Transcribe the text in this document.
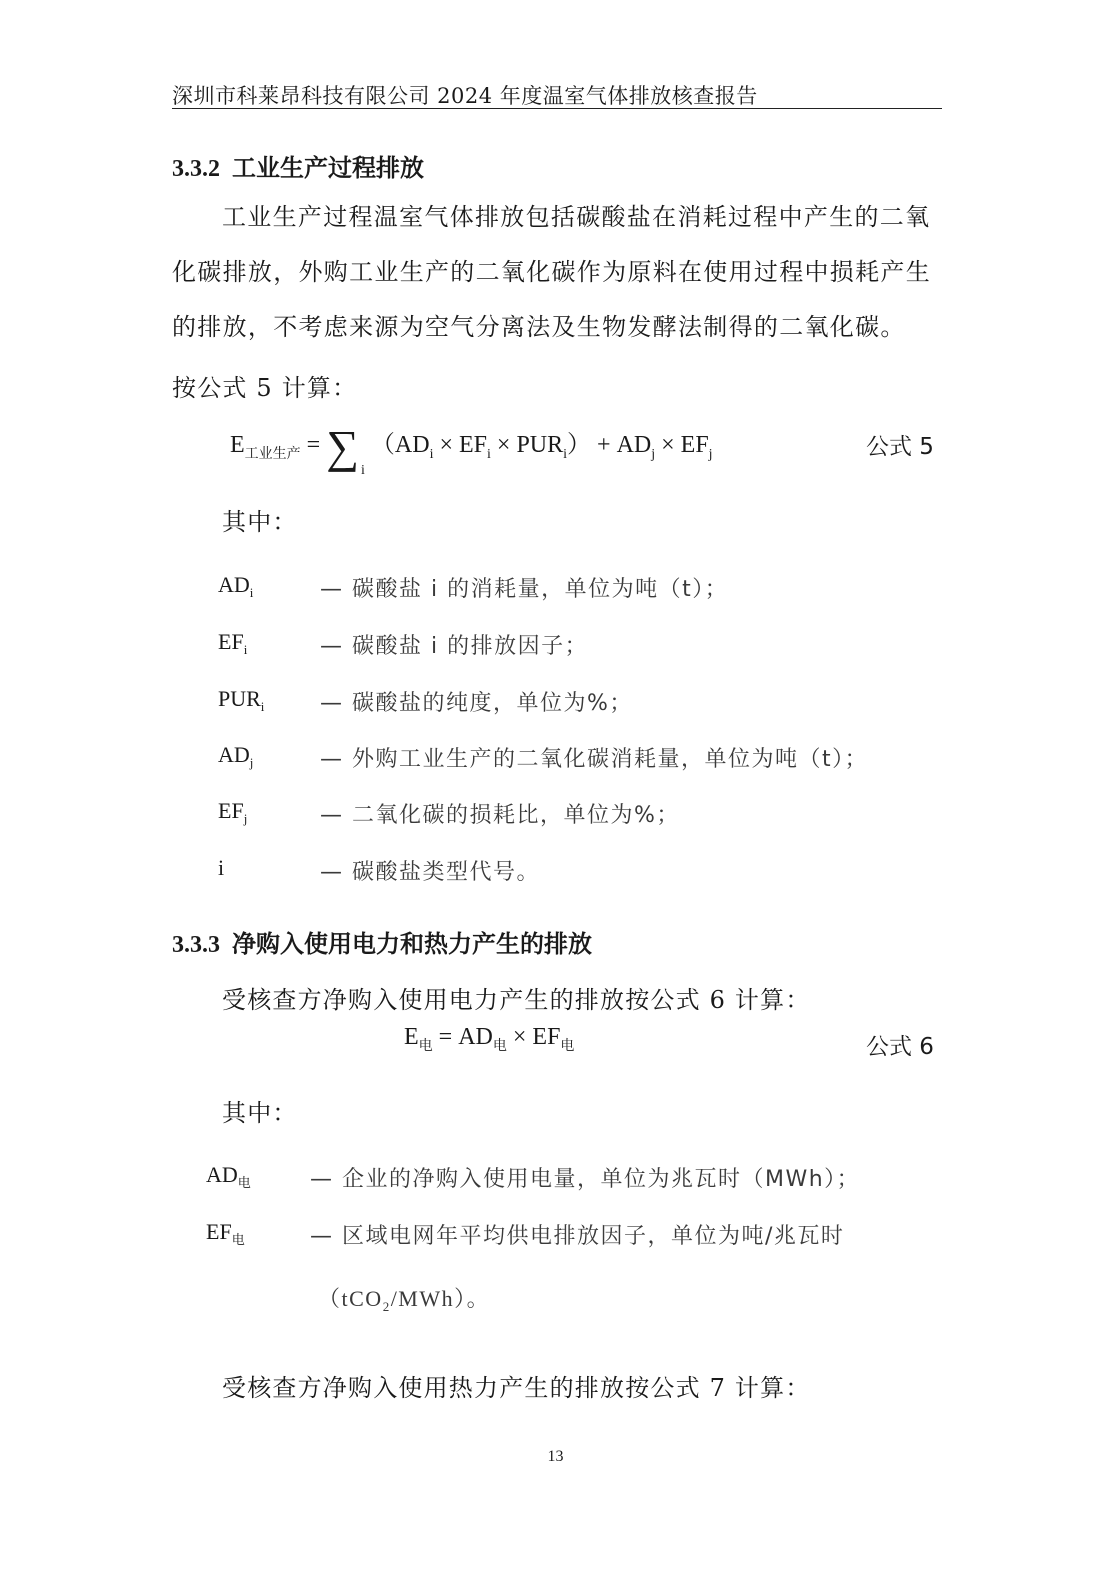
深圳市科莱昂科技有限公司 2024 年度温室气体排放核查报告
3.3.2 工业生产过程排放

工业生产过程温室气体排放包括碳酸盐在消耗过程中产生的二氧化碳排放，外购工业生产的二氧化碳作为原料在使用过程中损耗产生的排放，不考虑来源为空气分离法及生物发酵法制得的二氧化碳。

按公式 5 计算：
$E_{工业生产}$ = ∑ $_i$ $(AD_i \times EF_i \times PUR_i) + AD_j \times EF_j$	公式 5
其中：
$AD_i$	— 碳酸盐 i 的消耗量，单位为吨（t）；
$EF_i$	— 碳酸盐 i 的排放因子；
$PUR_i$	— 碳酸盐的纯度，单位为%；
$AD_j$	— 外购工业生产的二氧化碳消耗量，单位为吨（t）；
$EF_j$	— 二氧化碳的损耗比，单位为%；
i	— 碳酸盐类型代号。
3.3.3 净购入使用电力和热力产生的排放
受核查方净购入使用电力产生的排放按公式 6 计算：
$E_电 = AD_电 \times EF_电$	公式 6
其中：
$AD_电$	— 企业的净购入使用电量，单位为兆瓦时（MWh）；
$EF_电$	— 区域电网年平均供电排放因子，单位为吨/兆瓦时
（tCO$_2$/MWh）。
受核查方净购入使用热力产生的排放按公式 7 计算：
13
